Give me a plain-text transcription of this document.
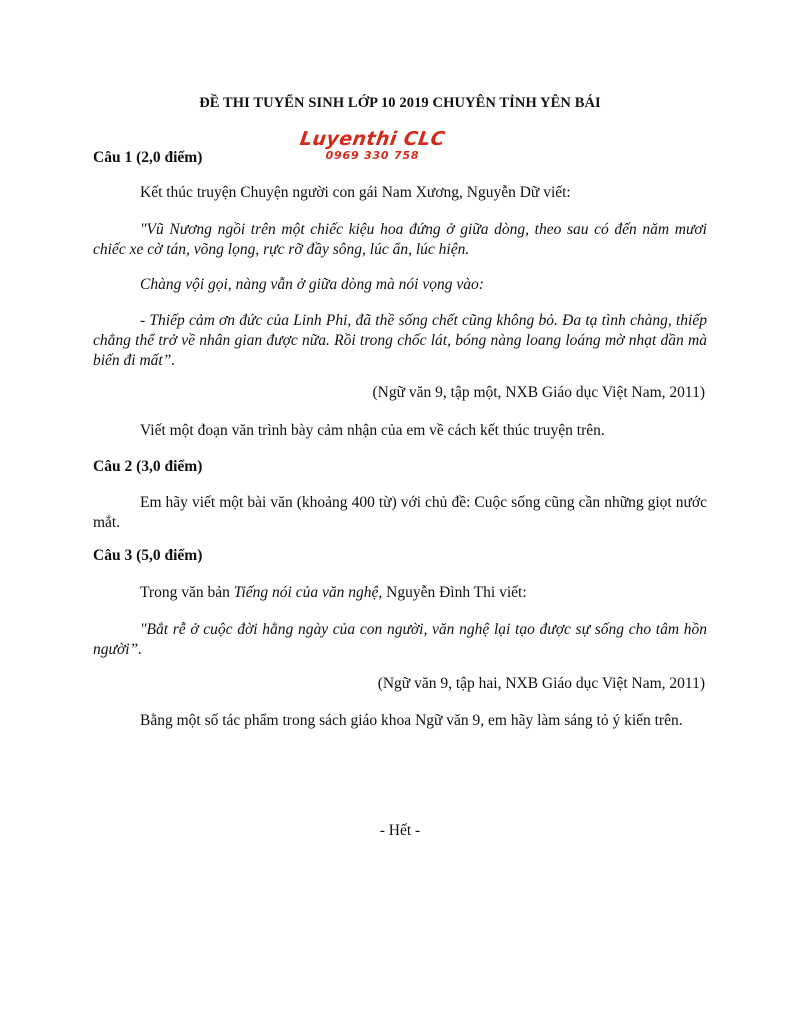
ĐỀ THI TUYỂN SINH LỚP 10 2019 CHUYÊN TỈNH YÊN BÁI
Luyenthi CLC
0969 330 758
Câu 1 (2,0 điểm)
Kết thúc truyện Chuyện người con gái Nam Xương, Nguyễn Dữ viết:
"Vũ Nương ngồi trên một chiếc kiệu hoa đứng ở giữa dòng, theo sau có đến năm mươi chiếc xe cờ tán, võng lọng, rực rỡ đầy sông, lúc ẩn, lúc hiện.
Chàng vội gọi, nàng vẫn ở giữa dòng mà nói vọng vào:
- Thiếp cảm ơn đức của Linh Phi, đã thề sống chết cũng không bỏ. Đa tạ tình chàng, thiếp chẳng thể trở về nhân gian được nữa. Rồi trong chốc lát, bóng nàng loang loáng mờ nhạt dần mà biến đi mất”.
(Ngữ văn 9, tập một, NXB Giáo dục Việt Nam, 2011)
Viết một đoạn văn trình bày cảm nhận của em về cách kết thúc truyện trên.
Câu 2 (3,0 điểm)
Em hãy viết một bài văn (khoảng 400 từ) với chủ đề: Cuộc sống cũng cần những giọt nước mắt.
Câu 3 (5,0 điểm)
Trong văn bản Tiếng nói của văn nghệ, Nguyễn Đình Thi viết:
"Bắt rễ ở cuộc đời hằng ngày của con người, văn nghệ lại tạo được sự sống cho tâm hồn người”.
(Ngữ văn 9, tập hai, NXB Giáo dục Việt Nam, 2011)
Bằng một số tác phẩm trong sách giáo khoa Ngữ văn 9, em hãy làm sáng tỏ ý kiến trên.
- Hết -
